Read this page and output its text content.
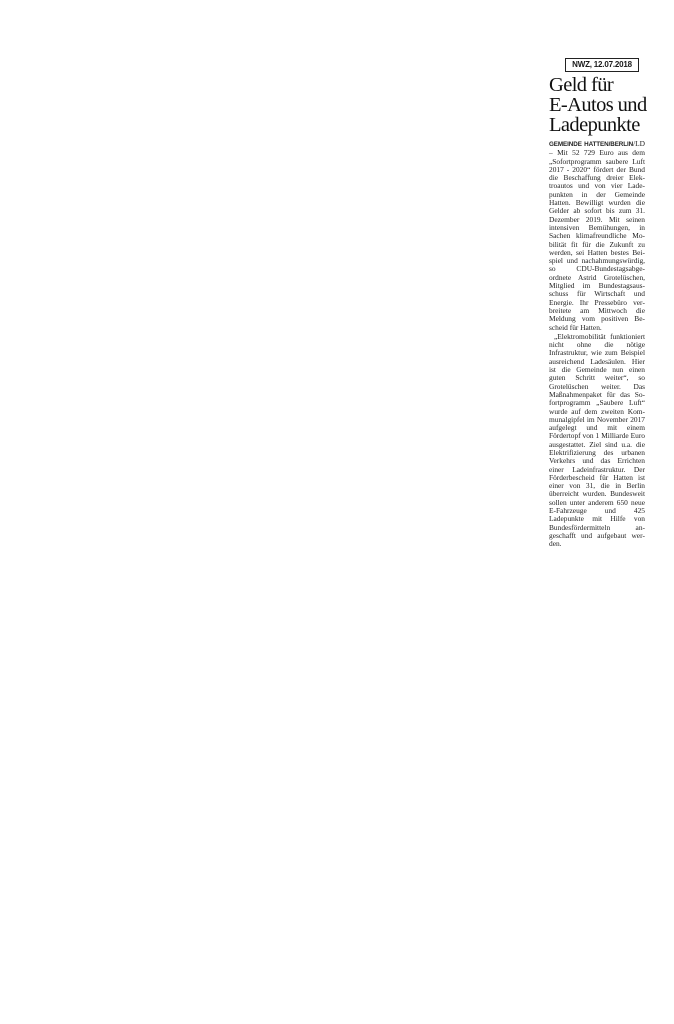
NWZ, 12.07.2018
Geld für
E-Autos und
Ladepunkte

GEMEINDE HATTEN/BERLIN/LD – Mit 52 729 Euro aus dem „Sofortprogramm saubere Luft 2017 - 2020“ fördert der Bund die Beschaffung dreier Elektroautos und von vier Ladepunkten in der Gemeinde Hatten. Bewilligt wurden die Gelder ab sofort bis zum 31. Dezember 2019. Mit seinen intensiven Bemühungen, in Sachen klimafreundliche Mobilität fit für die Zukunft zu werden, sei Hatten bestes Beispiel und nachahmungswürdig, so CDU-Bundestagsabgeordnete Astrid Grotelüschen, Mitglied im Bundestagsausschuss für Wirtschaft und Energie. Ihr Pressebüro verbreitete am Mittwoch die Meldung vom positiven Bescheid für Hatten.

„Elektromobilität funktioniert nicht ohne die nötige Infrastruktur, wie zum Beispiel ausreichend Ladesäulen. Hier ist die Gemeinde nun einen guten Schritt weiter“, so Grotelüschen weiter. Das Maßnahmenpaket für das Sofortprogramm „Saubere Luft“ wurde auf dem zweiten Kommunalgipfel im November 2017 aufgelegt und mit einem Fördertopf von 1 Milliarde Euro ausgestattet. Ziel sind u.a. die Elektrifizierung des urbanen Verkehrs und das Errichten einer Ladeinfrastruktur. Der Förderbescheid für Hatten ist einer von 31, die in Berlin überreicht wurden. Bundesweit sollen unter anderem 650 neue E-Fahrzeuge und 425 Ladepunkte mit Hilfe von Bundesfördermitteln angeschafft und aufgebaut werden.
